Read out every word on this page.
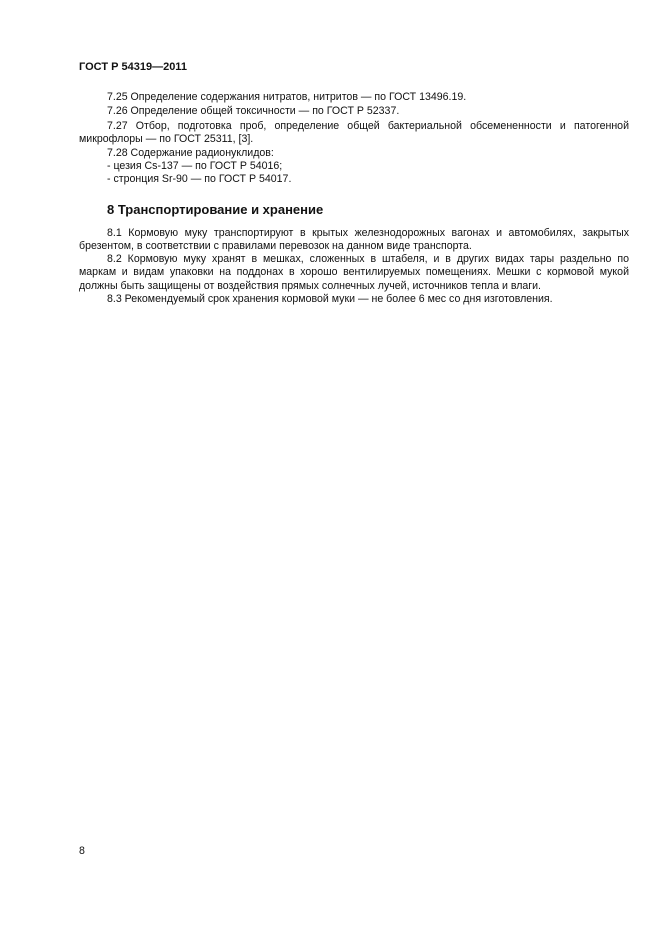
ГОСТ Р 54319—2011
7.25 Определение содержания нитратов, нитритов — по ГОСТ 13496.19.
7.26 Определение общей токсичности — по ГОСТ Р 52337.
7.27 Отбор, подготовка проб, определение общей бактериальной обсемененности и патогенной
микрофлоры — по ГОСТ 25311, [3].
7.28 Содержание радионуклидов:
- цезия Cs-137 — по ГОСТ Р 54016;
- стронция Sr-90 — по ГОСТ Р 54017.
8 Транспортирование и хранение
8.1 Кормовую муку транспортируют в крытых железнодорожных вагонах и автомобилях, закрытых
брезентом, в соответствии с правилами перевозок на данном виде транспорта.
8.2 Кормовую муку хранят в мешках, сложенных в штабеля, и в других видах тары раздельно по
маркам и видам упаковки на поддонах в хорошо вентилируемых помещениях. Мешки с кормовой мукой
должны быть защищены от воздействия прямых солнечных лучей, источников тепла и влаги.
8.3 Рекомендуемый срок хранения кормовой муки — не более 6 мес со дня изготовления.
8
